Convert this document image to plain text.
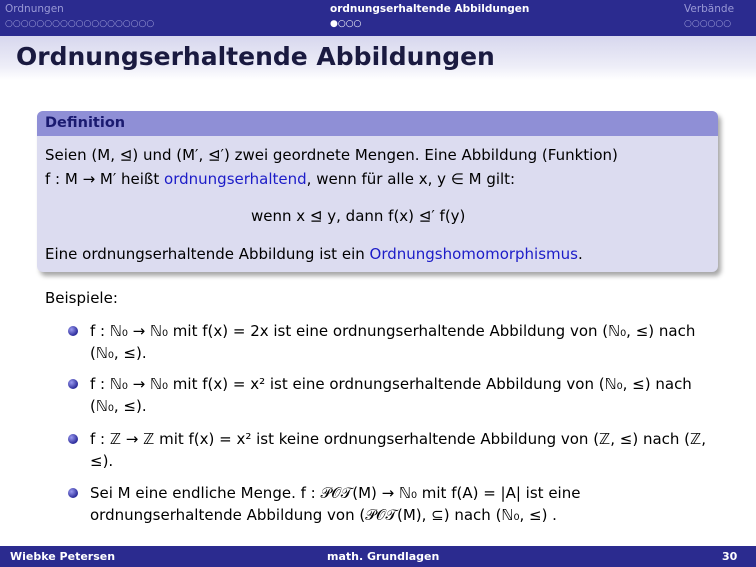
Ordnungen
○○○○○○○○○○○○○○○○○○○
ordnungserhaltende Abbildungen
●○○○
Verbände
○○○○○○
Ordnungserhaltende Abbildungen
Definition
Seien (M, ⊴) und (M′, ⊴′) zwei geordnete Mengen. Eine Abbildung (Funktion)
f : M → M′ heißt ordnungserhaltend, wenn für alle x, y ∈ M gilt:
wenn x ⊴ y, dann f(x) ⊴′ f(y)
Eine ordnungserhaltende Abbildung ist ein Ordnungshomomorphismus.
Beispiele:
f : ℕ₀ → ℕ₀ mit f(x) = 2x ist eine ordnungserhaltende Abbildung von (ℕ₀, ≤) nach (ℕ₀, ≤).
f : ℕ₀ → ℕ₀ mit f(x) = x² ist eine ordnungserhaltende Abbildung von (ℕ₀, ≤) nach (ℕ₀, ≤).
f : ℤ → ℤ mit f(x) = x² ist keine ordnungserhaltende Abbildung von (ℤ, ≤) nach (ℤ, ≤).
Sei M eine endliche Menge. f : 𝒫𝒪𝒯(M) → ℕ₀ mit f(A) = |A| ist eine ordnungserhaltende Abbildung von (𝒫𝒪𝒯(M), ⊆) nach (ℕ₀, ≤) .
Wiebke Petersen	math. Grundlagen	30
